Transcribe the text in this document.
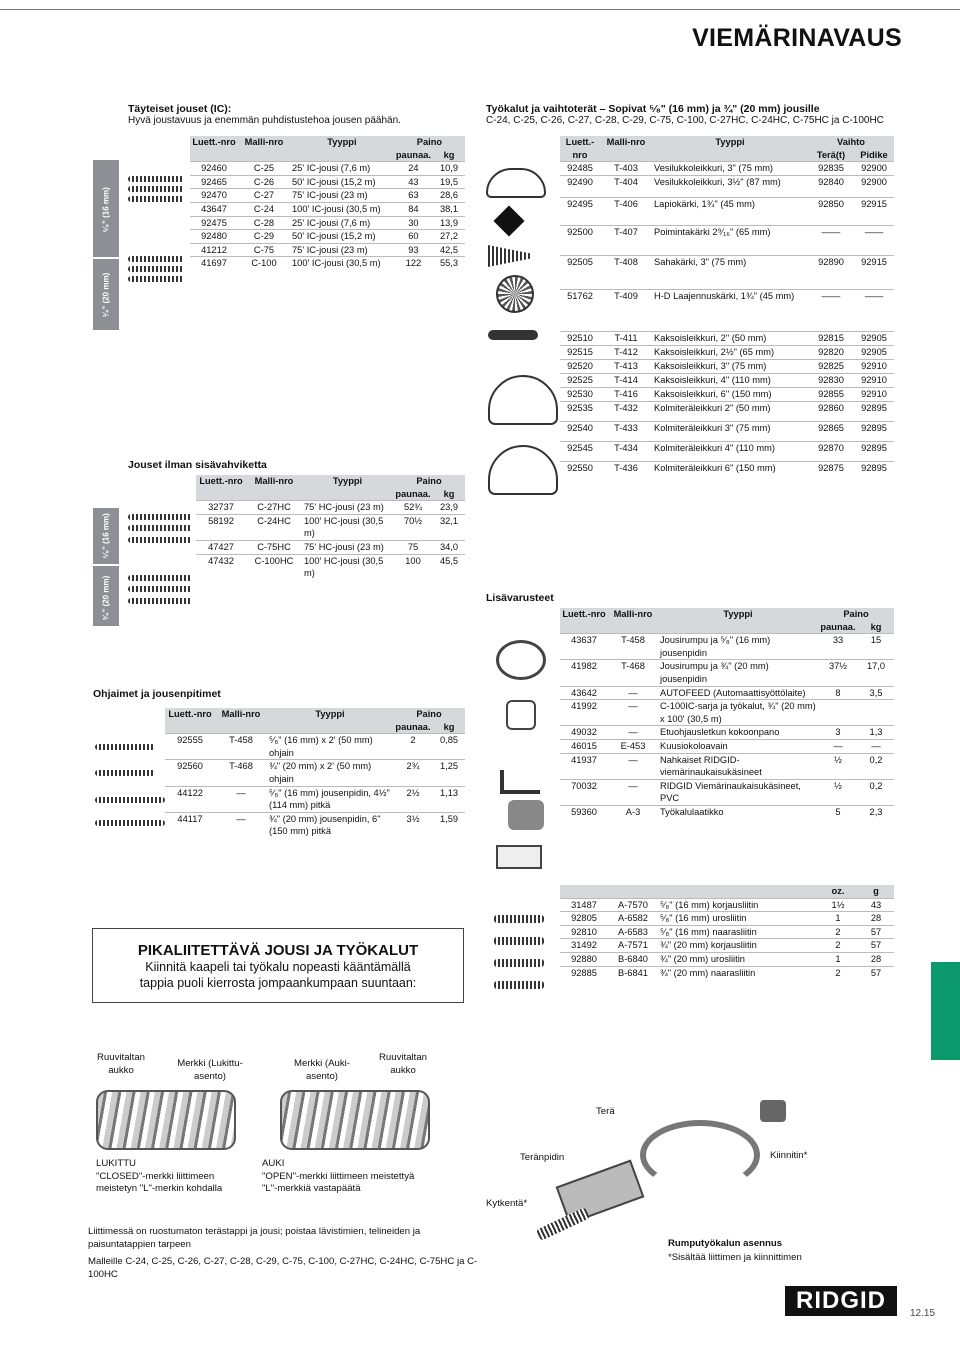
VIEMÄRINAVAUS
Täyteiset jouset (IC):
Hyvä joustavuus ja enemmän puhdistustehoa jousen päähän.
⁵⁄₈" (16 mm)
³⁄₄" (20 mm)
Luett.-nro	Malli-nro	Tyyppi	Paino	
			paunaa.	kg
92460	C-25	25' IC-jousi (7,6 m)	24	10,9
92465	C-26	50' IC-jousi (15,2 m)	43	19,5
92470	C-27	75' IC-jousi (23 m)	63	28,6
43647	C-24	100' IC-jousi (30,5 m)	84	38,1
92475	C-28	25' IC-jousi (7,6 m)	30	13,9
92480	C-29	50' IC-jousi (15,2 m)	60	27,2
41212	C-75	75' IC-jousi (23 m)	93	42,5
41697	C-100	100' IC-jousi (30,5 m)	122	55,3
Jouset ilman sisävahviketta
⁵⁄₈" (16 mm)
³⁄₄" (20 mm)
Luett.-nro	Malli-nro	Tyyppi	Paino	
			paunaa.	kg
32737	C-27HC	75' HC-jousi (23 m)	52¾	23,9
58192	C-24HC	100' HC-jousi (30,5 m)	70½	32,1
47427	C-75HC	75' HC-jousi (23 m)	75	34,0
47432	C-100HC	100' HC-jousi (30,5 m)	100	45,5
Ohjaimet ja jousenpitimet
Luett.-nro	Malli-nro	Tyyppi	Paino	
			paunaa.	kg
92555	T-458	⁵⁄₈" (16 mm) x 2' (50 mm) ohjain	2	0,85
92560	T-468	¾" (20 mm) x 2' (50 mm) ohjain	2¾	1,25
44122	—	⁵⁄₈" (16 mm) jousenpidin, 4½" (114 mm) pitkä	2½	1,13
44117	—	¾" (20 mm) jousenpidin, 6" (150 mm) pitkä	3½	1,59
Työkalut ja vaihtoterät – Sopivat ⁵⁄₈" (16 mm) ja ¾" (20 mm) jousille
C-24, C-25, C-26, C-27, C-28, C-29, C-75, C-100, C-27HC, C-24HC, C-75HC ja C-100HC
Luett.-nro	Malli-nro	Tyyppi	Vaihto	
			Terä(t)	Pidike
92485	T-403	Vesilukkoleikkuri, 3" (75 mm)	92835	92900
92490	T-404	Vesilukkoleikkuri, 3½" (87 mm)	92840	92900
92495	T-406	Lapiokärki, 1¾" (45 mm)	92850	92915
92500	T-407	Poimintakärki 2⁹⁄₁₆" (65 mm)	——	——
92505	T-408	Sahakärki, 3" (75 mm)	92890	92915
51762	T-409	H-D Laajennuskärki, 1¾" (45 mm)	——	——
92510	T-411	Kaksoisleikkuri, 2" (50 mm)	92815	92905
92515	T-412	Kaksoisleikkuri, 2½" (65 mm)	92820	92905
92520	T-413	Kaksoisleikkuri, 3" (75 mm)	92825	92910
92525	T-414	Kaksoisleikkuri, 4" (110 mm)	92830	92910
92530	T-416	Kaksoisleikkuri, 6" (150 mm)	92855	92910
92535	T-432	Kolmiteräleikkuri 2" (50 mm)	92860	92895
92540	T-433	Kolmiteräleikkuri 3" (75 mm)	92865	92895
92545	T-434	Kolmiteräleikkuri 4" (110 mm)	92870	92895
92550	T-436	Kolmiteräleikkuri 6" (150 mm)	92875	92895
Lisävarusteet
Luett.-nro	Malli-nro	Tyyppi	Paino	
			paunaa.	kg
43637	T-458	Jousirumpu ja ⁵⁄₈" (16 mm) jousenpidin	33	15
41982	T-468	Jousirumpu ja ¾" (20 mm) jousenpidin	37½	17,0
43642	—	AUTOFEED (Automaattisyöttölaite)	8	3,5
41992	—	C-100IC-sarja ja työkalut, ¾" (20 mm) x 100' (30,5 m)		
49032	—	Etuohjausletkun kokoonpano	3	1,3
46015	E-453	Kuusiokoloavain	—	—
41937	—	Nahkaiset RIDGID-viemärinaukaisukäsineet	½	0,2
70032	—	RIDGID Viemärinaukaisukäsineet, PVC	½	0,2
59360	A-3	Työkalulaatikko	5	2,3
			oz.	g
31487	A-7570	⁵⁄₈" (16 mm) korjausliitin	1½	43
92805	A-6582	⁵⁄₈" (16 mm) urosliitin	1	28
92810	A-6583	⁵⁄₈" (16 mm) naarasliitin	2	57
31492	A-7571	¾" (20 mm) korjausliitin	2	57
92880	B-6840	¾" (20 mm) urosliitin	1	28
92885	B-6841	¾" (20 mm) naarasliitin	2	57
PIKALIITETTÄVÄ JOUSI JA TYÖKALUT

Kiinnitä kaapeli tai työkalu nopeasti kääntämällä

tappia puoli kierrosta jompaankumpaan suuntaan:

Ruuvitaltan aukko
Merkki (Lukittu-asento)
Merkki (Auki-asento)
Ruuvitaltan aukko
LUKITTU
"CLOSED"-merkki liittimeen meistetyn "L"-merkin kohdalla
AUKI
"OPEN"-merkki liittimeen meistettyä "L"-merkkiä vastapäätä
Liittimessä on ruostumaton terästappi ja jousi; poistaa lävistimien, telineiden ja paisuntatappien tarpeen
Malleille C-24, C-25, C-26, C-27, C-28, C-29, C-75, C-100, C-27HC, C-24HC, C-75HC ja C-100HC
Terä
Teränpidin	Kiinnitin*
Kytkentä*
Rumputyökalun asennus
*Sisältää liittimen ja kiinnittimen
RIDGID	12.15
